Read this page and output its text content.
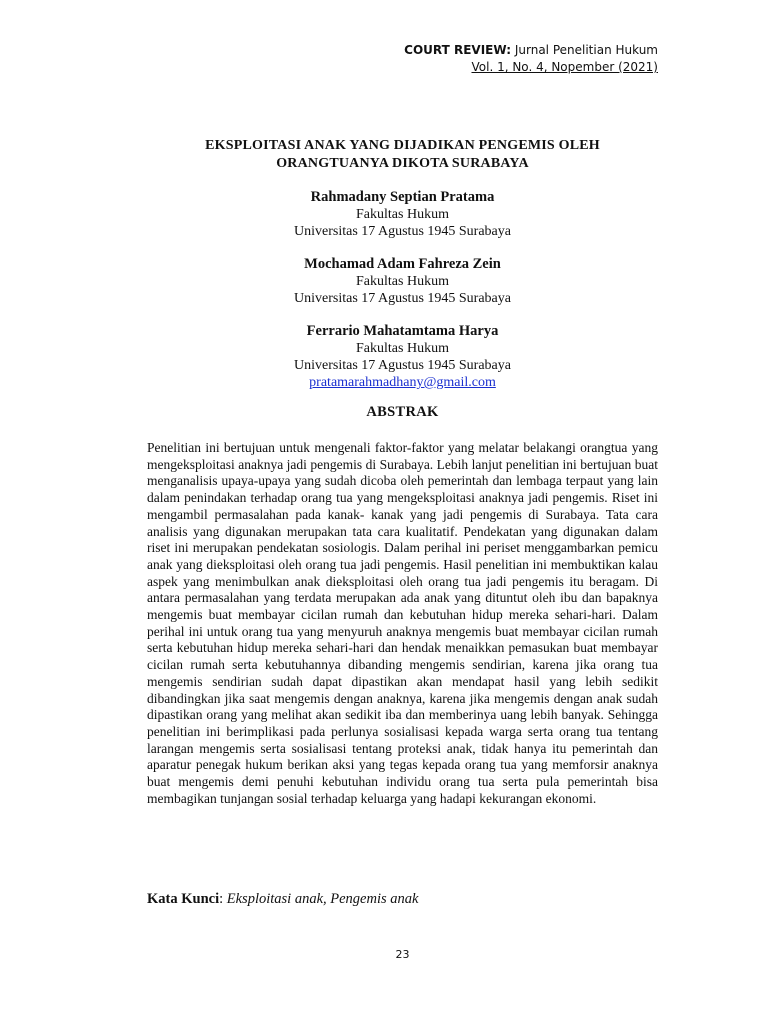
COURT REVIEW: Jurnal Penelitian Hukum
Vol. 1, No. 4, Nopember (2021)
EKSPLOITASI ANAK YANG DIJADIKAN PENGEMIS OLEH
ORANGTUANYA DIKOTA SURABAYA
Rahmadany Septian Pratama
Fakultas Hukum
Universitas 17 Agustus 1945 Surabaya
Mochamad Adam Fahreza Zein
Fakultas Hukum
Universitas 17 Agustus 1945 Surabaya
Ferrario Mahatamtama Harya
Fakultas Hukum
Universitas 17 Agustus 1945 Surabaya
pratamarahmadhany@gmail.com
ABSTRAK
Penelitian ini bertujuan untuk mengenali faktor-faktor yang melatar belakangi orangtua yang mengeksploitasi anaknya jadi pengemis di Surabaya. Lebih lanjut penelitian ini bertujuan buat menganalisis upaya-upaya yang sudah dicoba oleh pemerintah dan lembaga terpaut yang lain dalam penindakan terhadap orang tua yang mengeksploitasi anaknya jadi pengemis. Riset ini mengambil permasalahan pada kanak- kanak yang jadi pengemis di Surabaya. Tata cara analisis yang digunakan merupakan tata cara kualitatif. Pendekatan yang digunakan dalam riset ini merupakan pendekatan sosiologis. Dalam perihal ini periset menggambarkan pemicu anak yang dieksploitasi oleh orang tua jadi pengemis. Hasil penelitian ini membuktikan kalau aspek yang menimbulkan anak dieksploitasi oleh orang tua jadi pengemis itu beragam. Di antara permasalahan yang terdata merupakan ada anak yang dituntut oleh ibu dan bapaknya mengemis buat membayar cicilan rumah dan kebutuhan hidup mereka sehari-hari. Dalam perihal ini untuk orang tua yang menyuruh anaknya mengemis buat membayar cicilan rumah serta kebutuhan hidup mereka sehari-hari dan hendak menaikkan pemasukan buat membayar cicilan rumah serta kebutuhannya dibanding mengemis sendirian, karena jika orang tua mengemis sendirian sudah dapat dipastikan akan mendapat hasil yang lebih sedikit dibandingkan jika saat mengemis dengan anaknya, karena jika mengemis dengan anak sudah dipastikan orang yang melihat akan sedikit iba dan memberinya uang lebih banyak. Sehingga penelitian ini berimplikasi pada perlunya sosialisasi kepada warga serta orang tua tentang larangan mengemis serta sosialisasi tentang proteksi anak, tidak hanya itu pemerintah dan aparatur penegak hukum berikan aksi yang tegas kepada orang tua yang memforsir anaknya buat mengemis demi penuhi kebutuhan individu orang tua serta pula pemerintah bisa membagikan tunjangan sosial terhadap keluarga yang hadapi kekurangan ekonomi.
Kata Kunci: Eksploitasi anak, Pengemis anak
23
